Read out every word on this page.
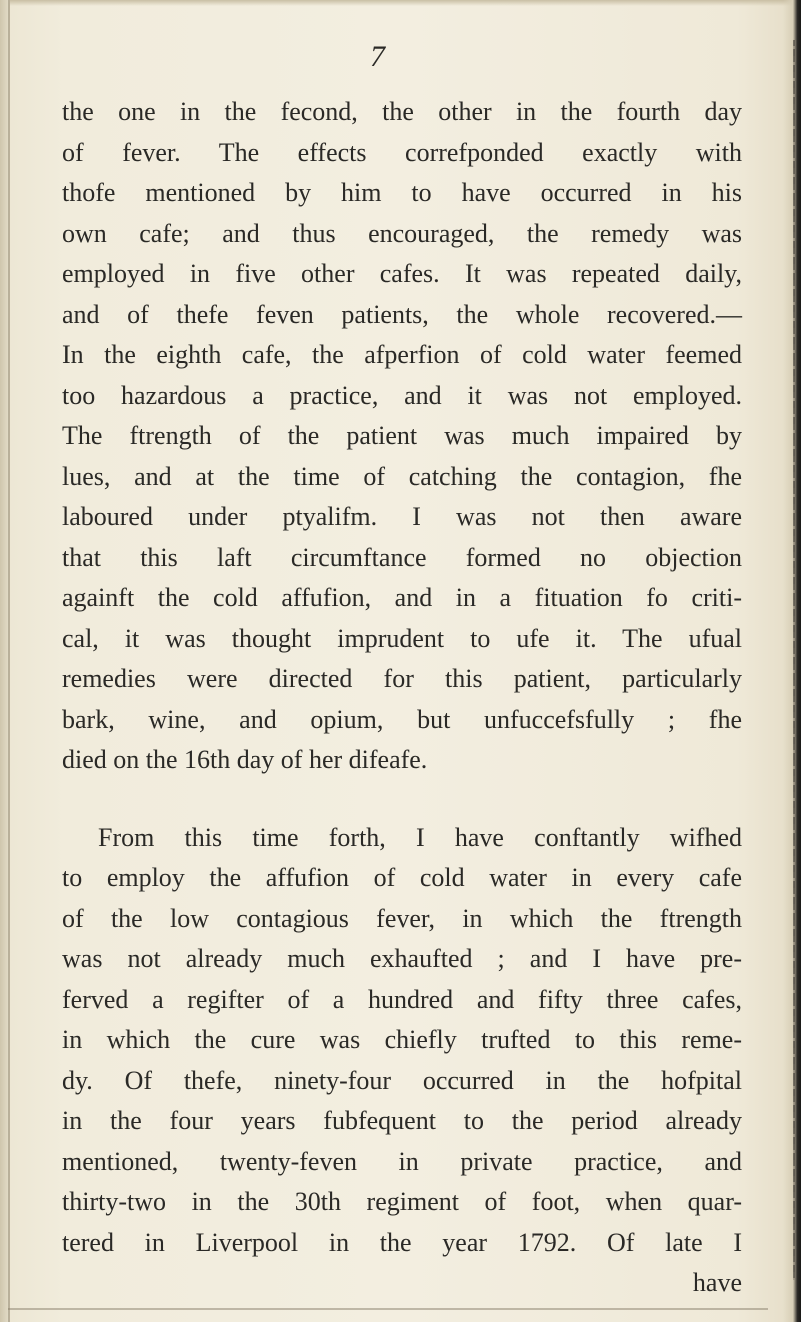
7
the one in the fecond, the other in the fourth day
of fever. The effects correfponded exactly with
thofe mentioned by him to have occurred in his
own cafe; and thus encouraged, the remedy was
employed in five other cafes. It was repeated daily,
and of thefe feven patients, the whole recovered.—
In the eighth cafe, the afperfion of cold water feemed
too hazardous a practice, and it was not employed.
The ftrength of the patient was much impaired by
lues, and at the time of catching the contagion, fhe
laboured under ptyalifm. I was not then aware
that this laft circumftance formed no objection
againft the cold affufion, and in a fituation fo criti-
cal, it was thought imprudent to ufe it. The ufual
remedies were directed for this patient, particularly
bark, wine, and opium, but unfuccefsfully ; fhe
died on the 16th day of her difeafe.
From this time forth, I have conftantly wifhed
to employ the affufion of cold water in every cafe
of the low contagious fever, in which the ftrength
was not already much exhaufted ; and I have pre-
ferved a regifter of a hundred and fifty three cafes,
in which the cure was chiefly trufted to this reme-
dy. Of thefe, ninety-four occurred in the hofpital
in the four years fubfequent to the period already
mentioned, twenty-feven in private practice, and
thirty-two in the 30th regiment of foot, when quar-
tered in Liverpool in the year 1792. Of late I
have
